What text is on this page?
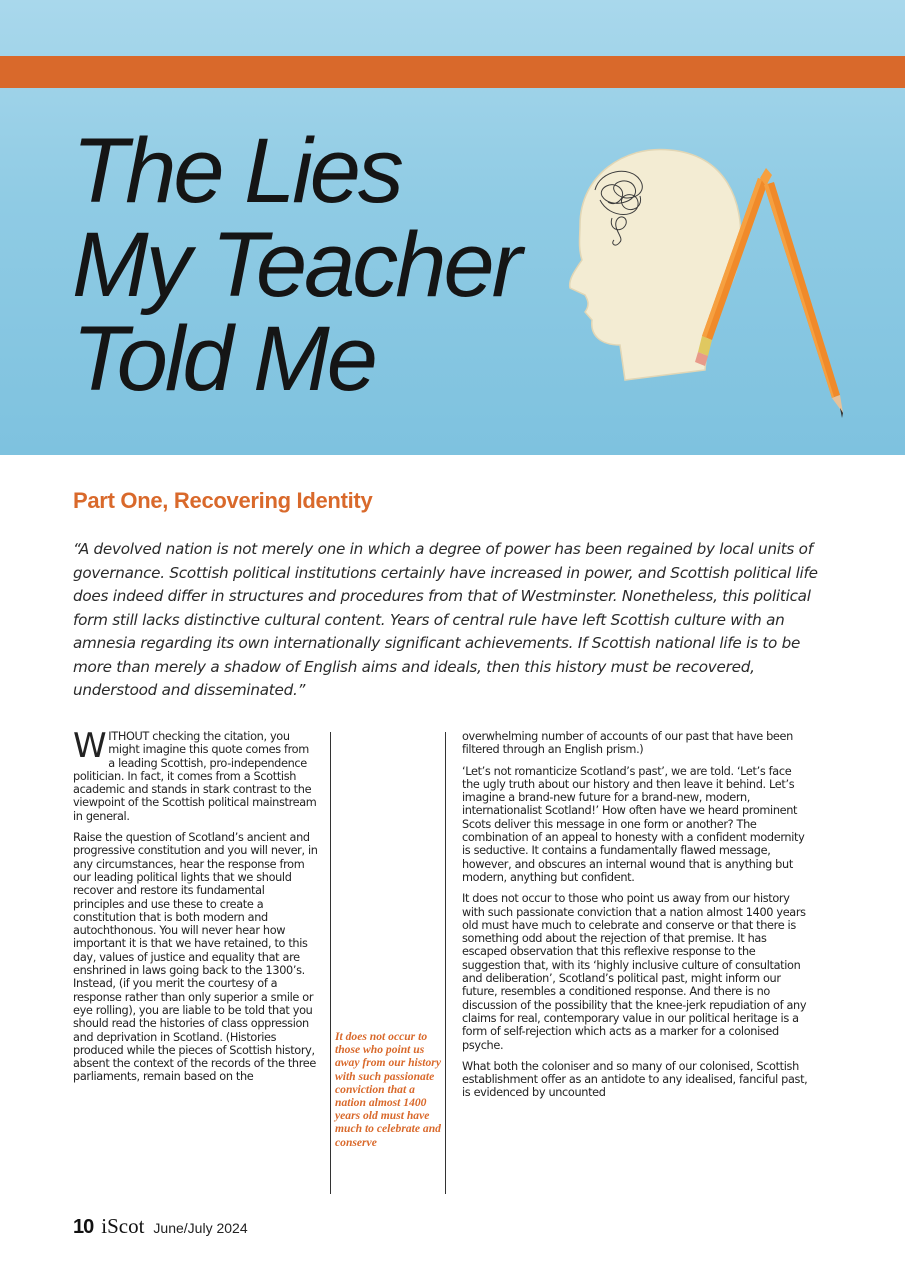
The Lies
My Teacher
Told Me
Part One, Recovering Identity

“A devolved nation is not merely one in which a degree of power has been regained by local units of governance. Scottish political institutions certainly have increased in power, and Scottish political life does indeed differ in structures and procedures from that of Westminster. Nonetheless, this political form still lacks distinctive cultural content. Years of central rule have left Scottish culture with an amnesia regarding its own internationally significant achievements. If Scottish national life is to be more than merely a shadow of English aims and ideals, then this history must be recovered, understood and disseminated.”

WITHOUT checking the citation, you might imagine this quote comes from a leading Scottish, pro-independence politician. In fact, it comes from a Scottish academic and stands in stark contrast to the viewpoint of the Scottish political mainstream in general.

Raise the question of Scotland’s ancient and progressive constitution and you will never, in any circumstances, hear the response from our leading political lights that we should recover and restore its fundamental principles and use these to create a constitution that is both modern and autochthonous. You will never hear how important it is that we have retained, to this day, values of justice and equality that are enshrined in laws going back to the 1300’s. Instead, (if you merit the courtesy of a response rather than only superior a smile or eye rolling), you are liable to be told that you should read the histories of class oppression and deprivation in Scotland. (Histories produced while the pieces of Scottish history, absent the context of the records of the three parliaments, remain based on the

It does not occur to those who point us away from our history with such passionate conviction that a nation almost 1400 years old must have much to celebrate and conserve

overwhelming number of accounts of our past that have been filtered through an English prism.)

‘Let’s not romanticize Scotland’s past’, we are told. ‘Let’s face the ugly truth about our history and then leave it behind. Let’s imagine a brand-new future for a brand-new, modern, internationalist Scotland!’ How often have we heard prominent Scots deliver this message in one form or another? The combination of an appeal to honesty with a confident modernity is seductive. It contains a fundamentally flawed message, however, and obscures an internal wound that is anything but modern, anything but confident.

It does not occur to those who point us away from our history with such passionate conviction that a nation almost 1400 years old must have much to celebrate and conserve or that there is something odd about the rejection of that premise. It has escaped observation that this reflexive response to the suggestion that, with its ‘highly inclusive culture of consultation and deliberation’, Scotland’s political past, might inform our future, resembles a conditioned response. And there is no discussion of the possibility that the knee-jerk repudiation of any claims for real, contemporary value in our political heritage is a form of self-rejection which acts as a marker for a colonised psyche.

What both the coloniser and so many of our colonised, Scottish establishment offer as an antidote to any idealised, fanciful past, is evidenced by uncounted

10 iScot June/July 2024
